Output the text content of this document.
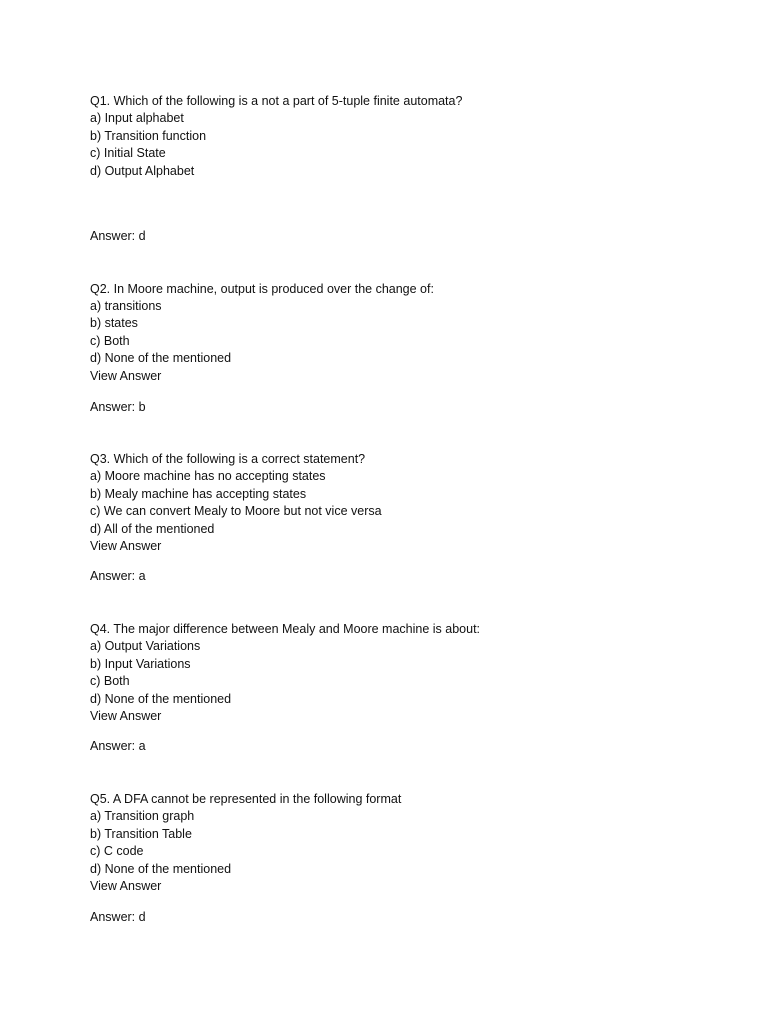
Q1. Which of the following is a not a part of 5-tuple finite automata?
a) Input alphabet
b) Transition function
c) Initial State
d) Output Alphabet
Answer: d
Q2. In Moore machine, output is produced over the change of:
a) transitions
b) states
c) Both
d) None of the mentioned
View Answer
Answer: b
Q3. Which of the following is a correct statement?
a) Moore machine has no accepting states
b) Mealy machine has accepting states
c) We can convert Mealy to Moore but not vice versa
d) All of the mentioned
View Answer
Answer: a
Q4. The major difference between Mealy and Moore machine is about:
a) Output Variations
b) Input Variations
c) Both
d) None of the mentioned
View Answer
Answer: a
Q5. A DFA cannot be represented in the following format
a) Transition graph
b) Transition Table
c) C code
d) None of the mentioned
View Answer
Answer: d
